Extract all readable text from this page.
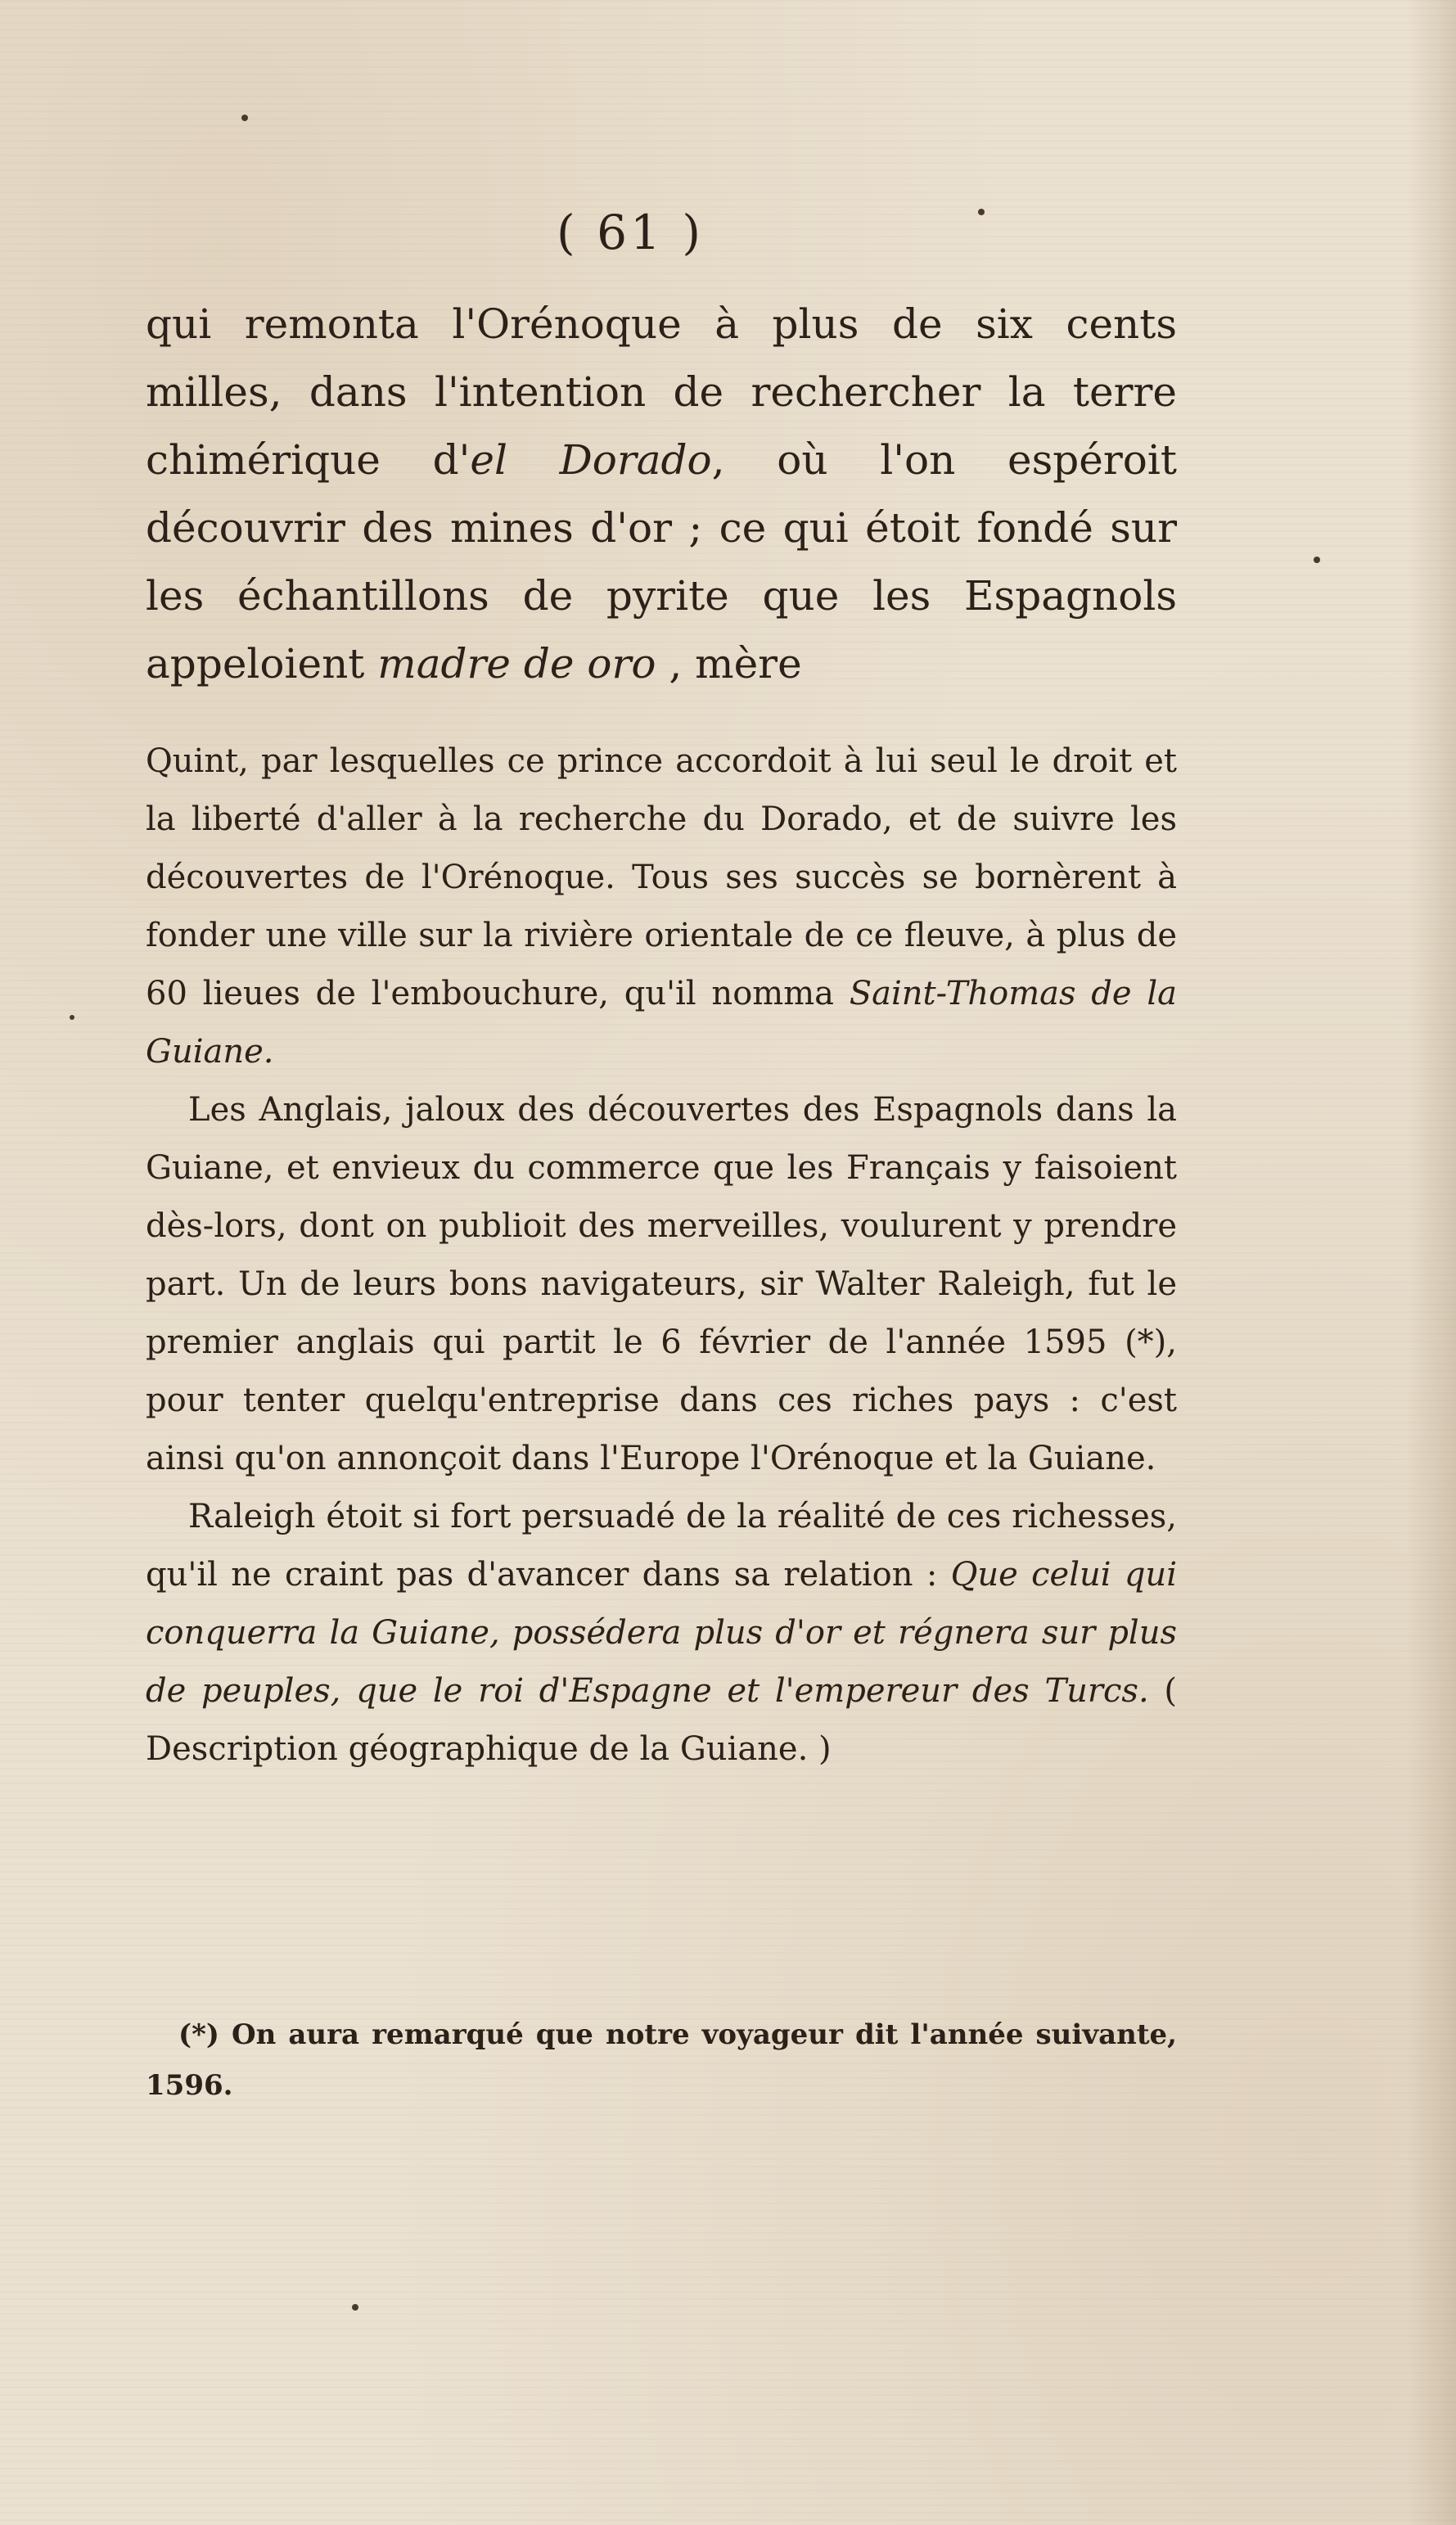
( 61 )
qui remonta l'Orénoque à plus de six cents milles, dans l'intention de rechercher la terre chimérique d'el Dorado, où l'on espéroit découvrir des mines d'or ; ce qui étoit fondé sur les échantillons de pyrite que les Espagnols appeloient madre de oro , mère

Quint, par lesquelles ce prince accordoit à lui seul le droit et la liberté d'aller à la recherche du Dorado, et de suivre les découvertes de l'Orénoque. Tous ses succès se bornèrent à fonder une ville sur la rivière orientale de ce fleuve, à plus de 60 lieues de l'embouchure, qu'il nomma Saint-Thomas de la Guiane.

Les Anglais, jaloux des découvertes des Espagnols dans la Guiane, et envieux du commerce que les Français y faisoient dès-lors, dont on publioit des merveilles, voulurent y prendre part. Un de leurs bons navigateurs, sir Walter Raleigh, fut le premier anglais qui partit le 6 février de l'année 1595 (*), pour tenter quelqu'entreprise dans ces riches pays : c'est ainsi qu'on annonçoit dans l'Europe l'Orénoque et la Guiane.

Raleigh étoit si fort persuadé de la réalité de ces richesses, qu'il ne craint pas d'avancer dans sa relation : Que celui qui conquerra la Guiane, possédera plus d'or et régnera sur plus de peuples, que le roi d'Espagne et l'empereur des Turcs. ( Description géographique de la Guiane. )

(*) On aura remarqué que notre voyageur dit l'année suivante, 1596.
